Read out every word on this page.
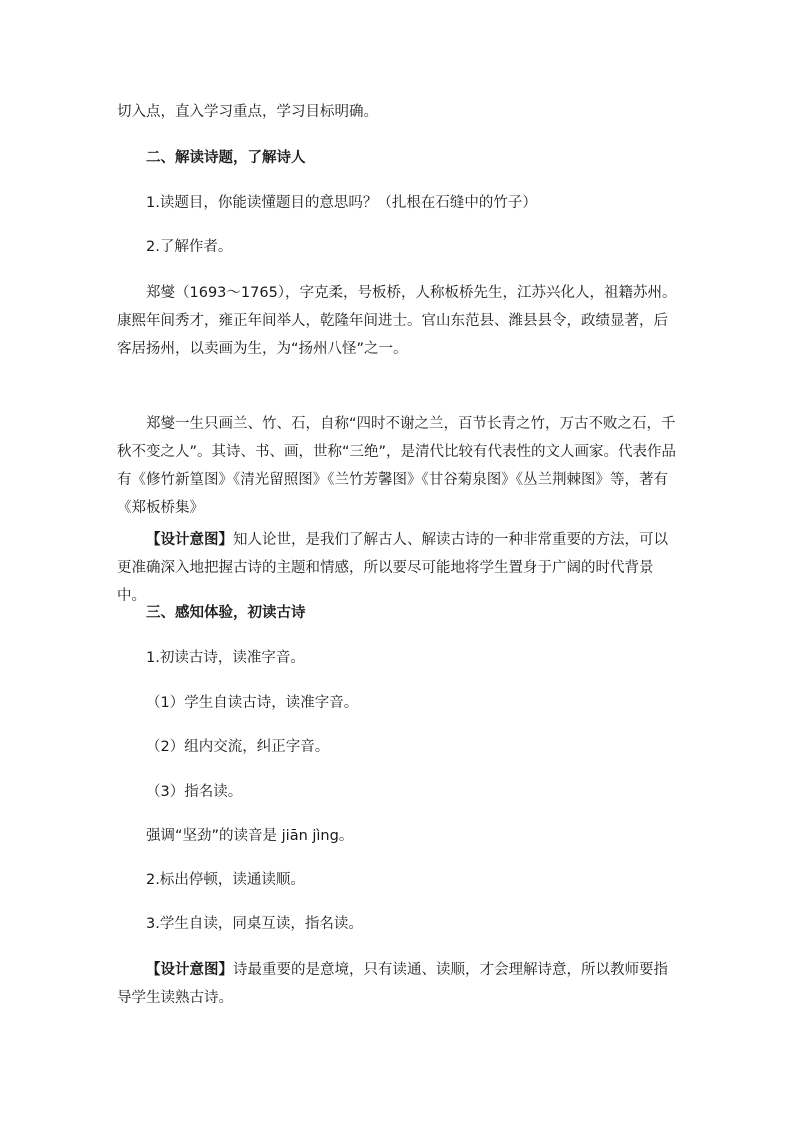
切入点，直入学习重点，学习目标明确。

二、解读诗题，了解诗人

1.读题目，你能读懂题目的意思吗？（扎根在石缝中的竹子）

2.了解作者。

郑燮（1693～1765），字克柔，号板桥，人称板桥先生，江苏兴化人，祖籍苏州。康熙年间秀才，雍正年间举人，乾隆年间进士。官山东范县、潍县县令，政绩显著，后客居扬州，以卖画为生，为“扬州八怪”之一。

郑燮一生只画兰、竹、石，自称“四时不谢之兰，百节长青之竹，万古不败之石，千秋不变之人”。其诗、书、画，世称“三绝”，是清代比较有代表性的文人画家。代表作品有《修竹新篁图》《清光留照图》《兰竹芳馨图》《甘谷菊泉图》《丛兰荆棘图》等，著有《郑板桥集》

【设计意图】知人论世，是我们了解古人、解读古诗的一种非常重要的方法，可以更准确深入地把握古诗的主题和情感，所以要尽可能地将学生置身于广阔的时代背景中。

三、感知体验，初读古诗

1.初读古诗，读准字音。

（1）学生自读古诗，读准字音。

（2）组内交流，纠正字音。

（3）指名读。

强调“坚劲”的读音是 jiān jìng。

2.标出停顿，读通读顺。

3.学生自读，同桌互读，指名读。

【设计意图】诗最重要的是意境，只有读通、读顺，才会理解诗意，所以教师要指导学生读熟古诗。
